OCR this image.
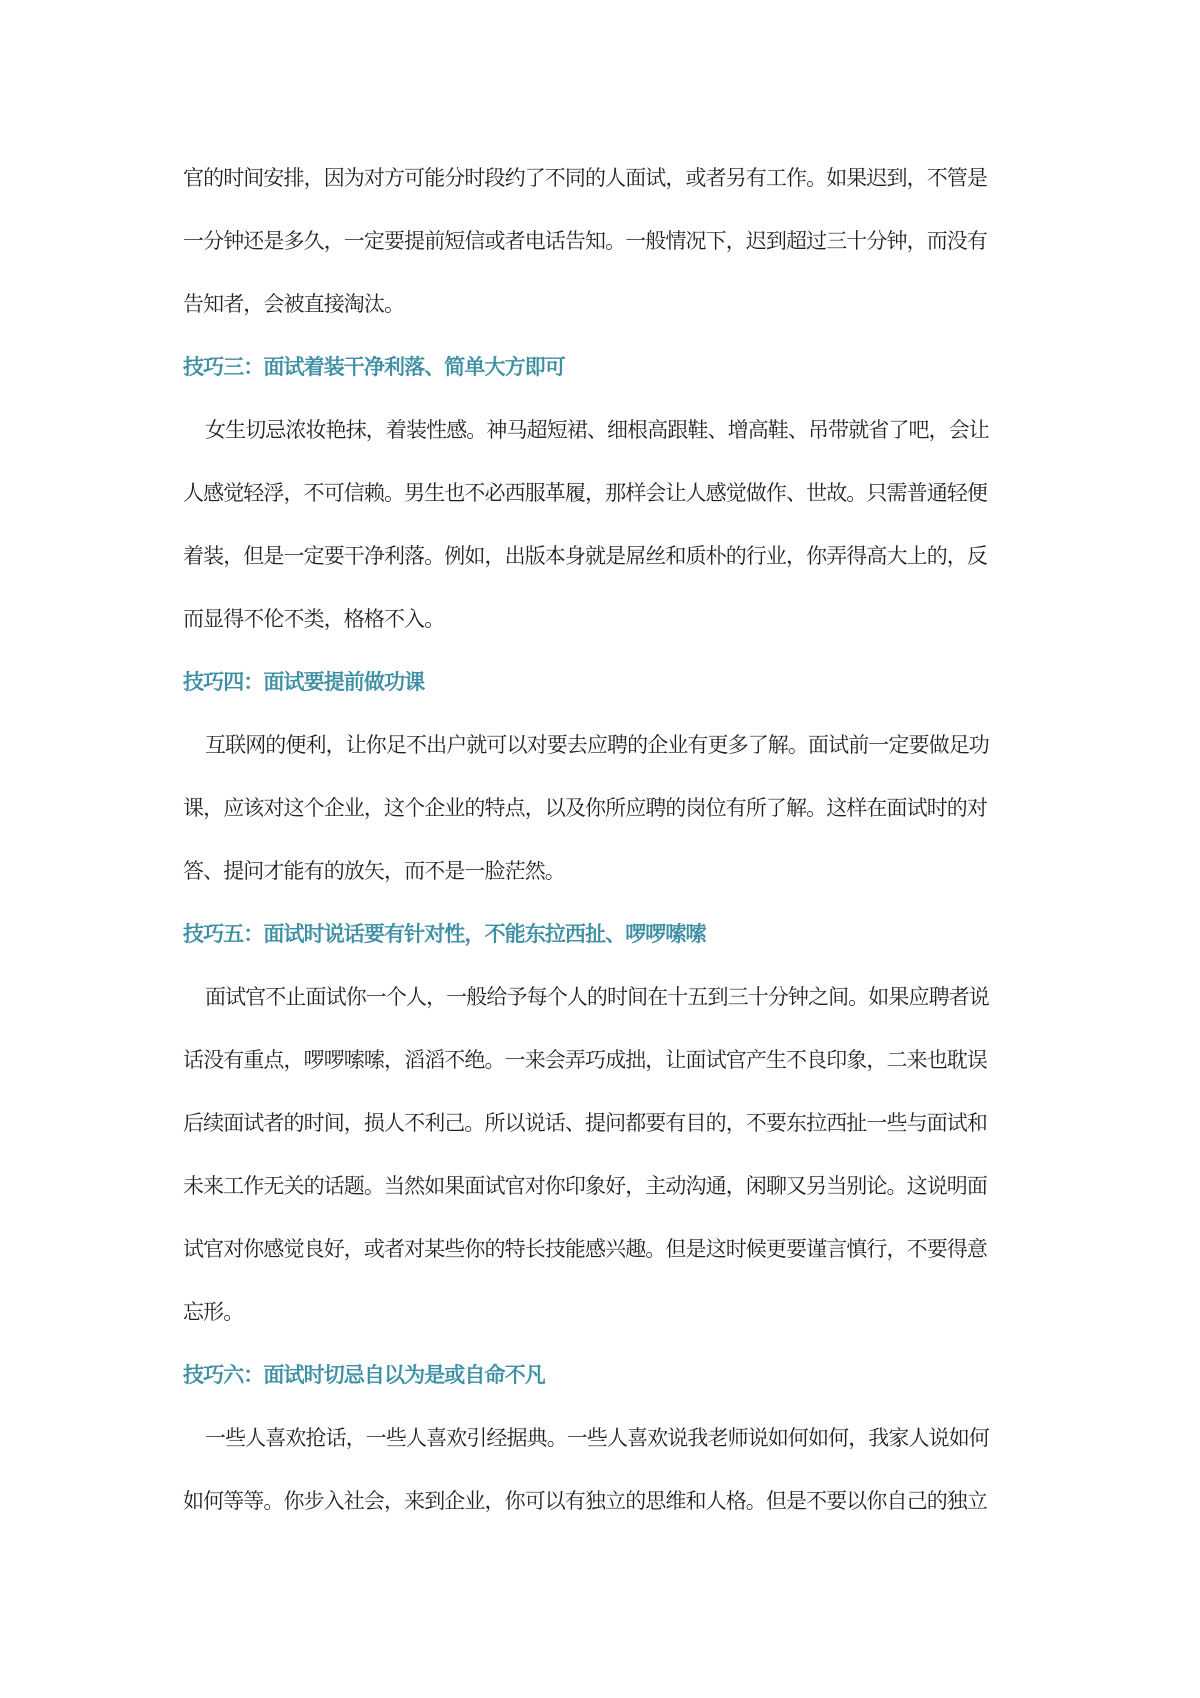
官的时间安排，因为对方可能分时段约了不同的人面试，或者另有工作。如果迟到，不管是
一分钟还是多久，一定要提前短信或者电话告知。一般情况下，迟到超过三十分钟，而没有
告知者，会被直接淘汰。
技巧三：面试着装干净利落、简单大方即可
女生切忌浓妆艳抹，着装性感。神马超短裙、细根高跟鞋、增高鞋、吊带就省了吧，会让
人感觉轻浮，不可信赖。男生也不必西服革履，那样会让人感觉做作、世故。只需普通轻便
着装，但是一定要干净利落。例如，出版本身就是屌丝和质朴的行业，你弄得高大上的，反
而显得不伦不类，格格不入。
技巧四：面试要提前做功课
互联网的便利，让你足不出户就可以对要去应聘的企业有更多了解。面试前一定要做足功
课，应该对这个企业，这个企业的特点，以及你所应聘的岗位有所了解。这样在面试时的对
答、提问才能有的放矢，而不是一脸茫然。
技巧五：面试时说话要有针对性，不能东拉西扯、啰啰嗦嗦
面试官不止面试你一个人，一般给予每个人的时间在十五到三十分钟之间。如果应聘者说
话没有重点，啰啰嗦嗦，滔滔不绝。一来会弄巧成拙，让面试官产生不良印象，二来也耽误
后续面试者的时间，损人不利己。所以说话、提问都要有目的，不要东拉西扯一些与面试和
未来工作无关的话题。当然如果面试官对你印象好，主动沟通，闲聊又另当别论。这说明面
试官对你感觉良好，或者对某些你的特长技能感兴趣。但是这时候更要谨言慎行，不要得意
忘形。
技巧六：面试时切忌自以为是或自命不凡
一些人喜欢抢话，一些人喜欢引经据典。一些人喜欢说我老师说如何如何，我家人说如何
如何等等。你步入社会，来到企业，你可以有独立的思维和人格。但是不要以你自己的独立
